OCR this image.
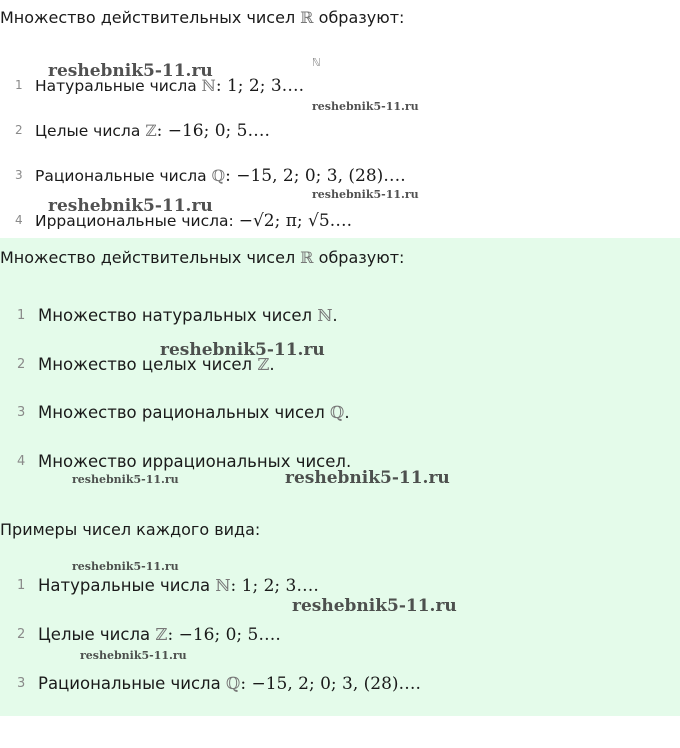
Множество действительных чисел ℝ образуют:
ℕ
1 Натуральные числа ℕ: 1; 2; 3….
2 Целые числа ℤ: −16; 0; 5….
3 Рациональные числа ℚ: −15, 2; 0; 3, (28)….
4 Иррациональные числа: −√2; π; √5….
reshebnik5-11.ru
reshebnik5-11.ru
reshebnik5-11.ru
reshebnik5-11.ru
Множество действительных чисел ℝ образуют:
1 Множество натуральных чисел ℕ.
2 Множество целых чисел ℤ.
3 Множество рациональных чисел ℚ.
4 Множество иррациональных чисел.
Примеры чисел каждого вида:
1 Натуральные числа ℕ: 1; 2; 3….
2 Целые числа ℤ: −16; 0; 5….
3 Рациональные числа ℚ: −15, 2; 0; 3, (28)….
reshebnik5-11.ru
reshebnik5-11.ru
reshebnik5-11.ru
reshebnik5-11.ru
reshebnik5-11.ru
reshebnik5-11.ru
